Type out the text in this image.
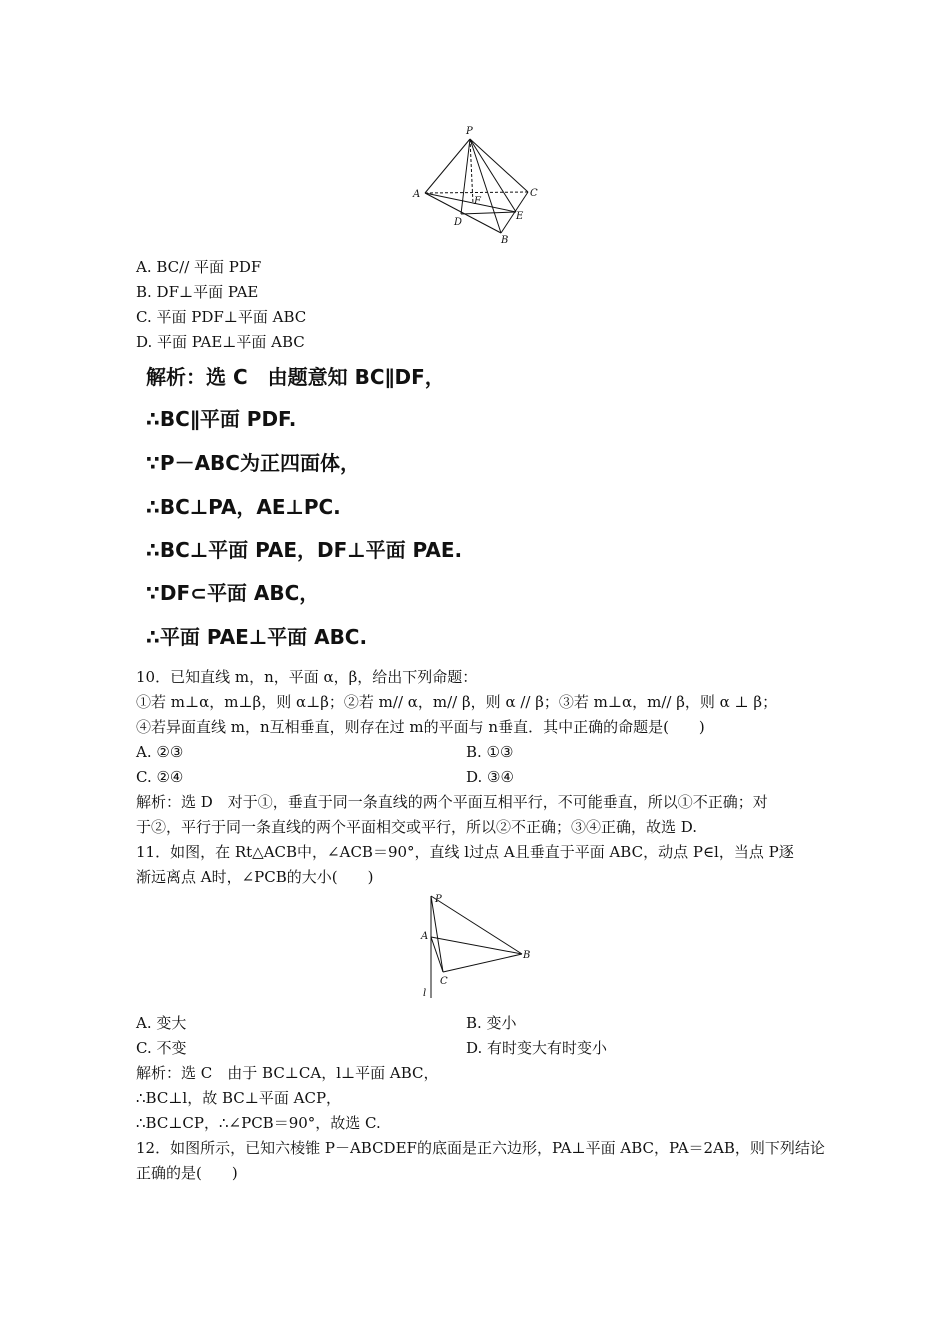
P
A	C
F
D
E
B
A. BC// 平面 PDF
B. DF⊥平面 PAE
C. 平面 PDF⊥平面 ABC
D. 平面 PAE⊥平面 ABC
解析：选 C　由题意知 BC∥DF，
∴BC∥平面 PDF.
∵P－ABC为正四面体，
∴BC⊥PA，AE⊥PC.
∴BC⊥平面 PAE，DF⊥平面 PAE.
∵DF⊂平面 ABC，
∴平面 PAE⊥平面 ABC.
10．已知直线 m，n，平面 α，β，给出下列命题：
①若 m⊥α，m⊥β，则 α⊥β；②若 m// α，m// β，则 α // β；③若 m⊥α，m// β，则 α ⊥ β；
④若异面直线 m，n互相垂直，则存在过 m的平面与 n垂直．其中正确的命题是(　　)
A. ②③	B. ①③
C. ②④	D. ③④
解析：选 D　对于①，垂直于同一条直线的两个平面互相平行，不可能垂直，所以①不正确；对
于②，平行于同一条直线的两个平面相交或平行，所以②不正确；③④正确，故选 D.
11．如图，在 Rt△ACB中，∠ACB＝90°，直线 l过点 A且垂直于平面 ABC，动点 P∈l，当点 P逐
渐远离点 A时，∠PCB的大小(　　)
P
A
B
C
l
A. 变大	B. 变小
C. 不变	D. 有时变大有时变小
解析：选 C　由于 BC⊥CA，l⊥平面 ABC，
∴BC⊥l，故 BC⊥平面 ACP，
∴BC⊥CP，∴∠PCB＝90°，故选 C.
12．如图所示，已知六棱锥 P－ABCDEF的底面是正六边形，PA⊥平面 ABC，PA＝2AB，则下列结论
正确的是(　　)
